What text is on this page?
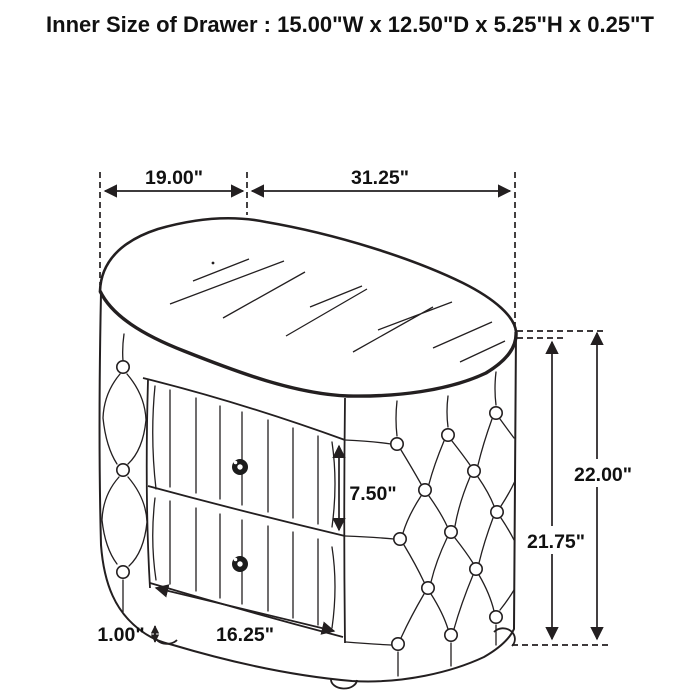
Inner Size of Drawer : 15.00"W x 12.50"D x 5.25"H x 0.25"T
19.00"	31.25"
7.50"
16.25"
1.00"
22.00"
21.75"
